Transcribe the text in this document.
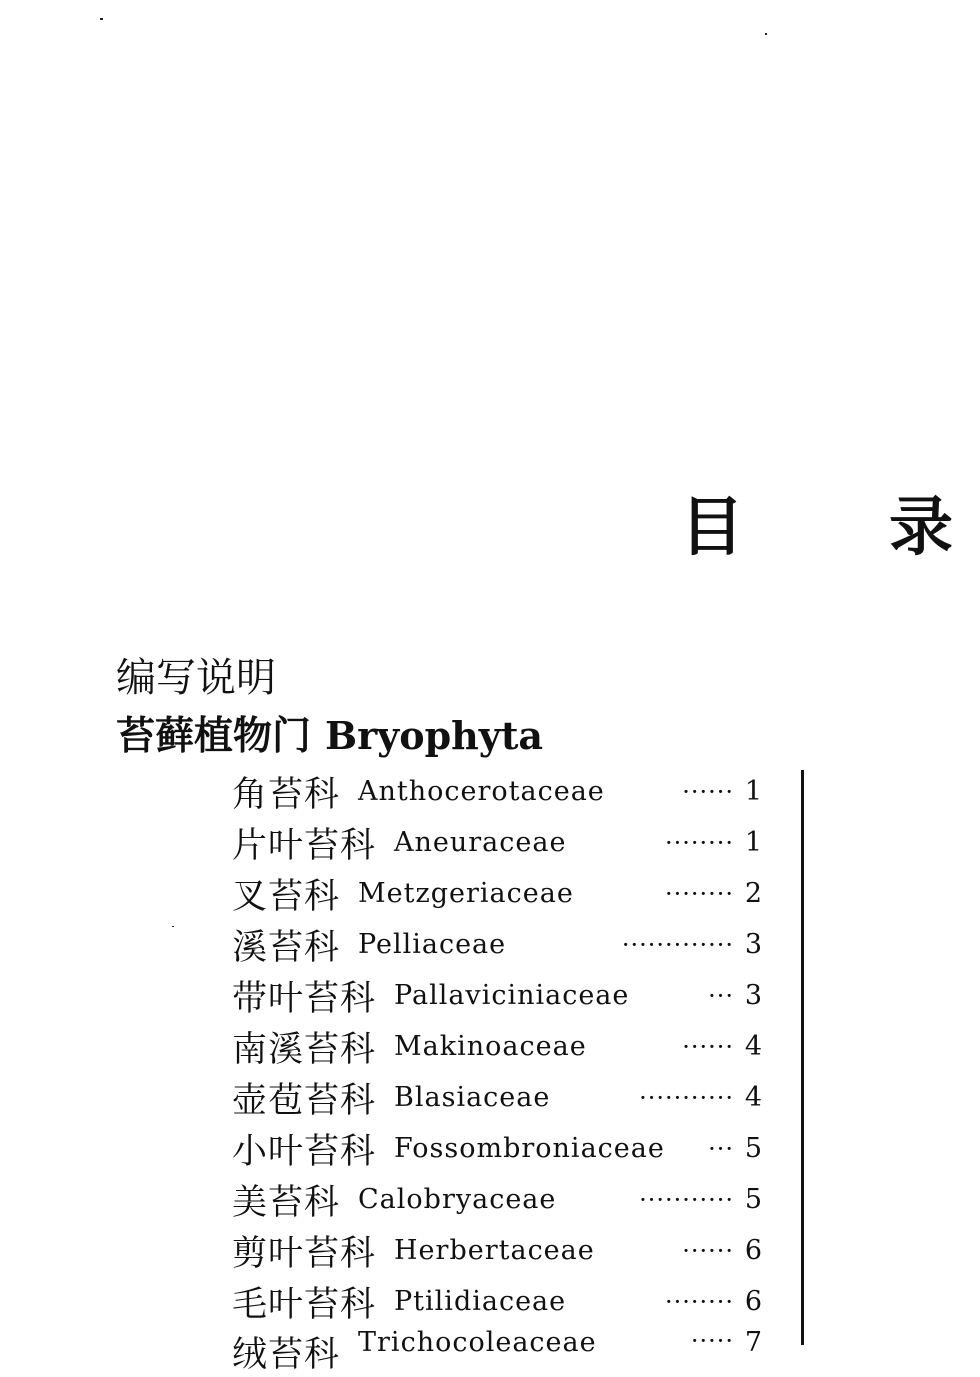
目 录
编写说明
苔藓植物门 Bryophyta
角苔科 Anthocerotaceae	······ 1
片叶苔科 Aneuraceae	········ 1
叉苔科 Metzgeriaceae	········ 2
溪苔科 Pelliaceae	············· 3
带叶苔科 Pallaviciniaceae	··· 3
南溪苔科 Makinoaceae	······ 4
壶苞苔科 Blasiaceae	··········· 4
小叶苔科 Fossombroniaceae	··· 5
美苔科 Calobryaceae	··········· 5
剪叶苔科 Herbertaceae	······ 6
毛叶苔科 Ptilidiaceae	········ 6
绒苔科 Trichocoleaceae	····· 7
